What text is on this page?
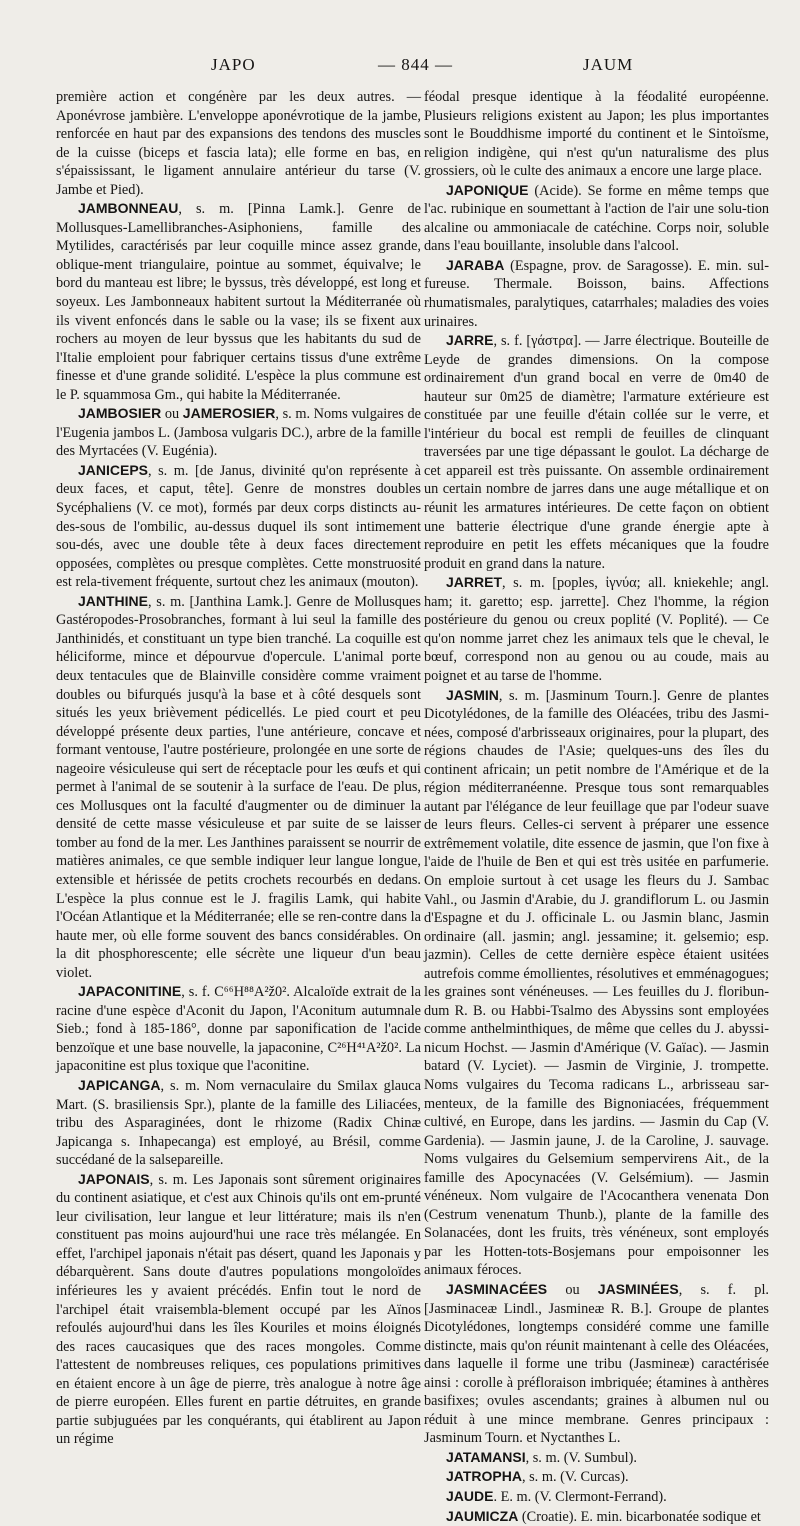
JAPO	— 844 —	JAUM

première action et congénère par les deux autres. — Aponévrose jambière. L'enveloppe aponévrotique de la jambe, renforcée en haut par des expansions des tendons des muscles de la cuisse (biceps et fascia lata); elle forme en bas, en s'épaississant, le ligament annulaire antérieur du tarse (V. Jambe et Pied).

JAMBONNEAU, s. m. [Pinna Lamk.]. Genre de Mollusques-Lamellibranches-Asiphoniens, famille des Mytilides, caractérisés par leur coquille mince assez grande, oblique-ment triangulaire, pointue au sommet, équivalve; le bord du manteau est libre; le byssus, très développé, est long et soyeux. Les Jambonneaux habitent surtout la Méditerranée où ils vivent enfoncés dans le sable ou la vase; ils se fixent aux rochers au moyen de leur byssus que les habitants du sud de l'Italie emploient pour fabriquer certains tissus d'une extrême finesse et d'une grande solidité. L'espèce la plus commune est le P. squammosa Gm., qui habite la Méditerranée.

JAMBOSIER ou JAMEROSIER, s. m. Noms vulgaires de l'Eugenia jambos L. (Jambosa vulgaris DC.), arbre de la famille des Myrtacées (V. Eugénia).

JANICEPS, s. m. [de Janus, divinité qu'on représente à deux faces, et caput, tête]. Genre de monstres doubles Sycéphaliens (V. ce mot), formés par deux corps distincts au-des-sous de l'ombilic, au-dessus duquel ils sont intimement sou-dés, avec une double tête à deux faces directement opposées, complètes ou presque complètes. Cette monstruosité est rela-tivement fréquente, surtout chez les animaux (mouton).

JANTHINE, s. m. [Janthina Lamk.]. Genre de Mollusques Gastéropodes-Prosobranches, formant à lui seul la famille des Janthinidés, et constituant un type bien tranché. La coquille est héliciforme, mince et dépourvue d'opercule. L'animal porte deux tentacules que de Blainville considère comme vraiment doubles ou bifurqués jusqu'à la base et à côté desquels sont situés les yeux brièvement pédicellés. Le pied court et peu développé présente deux parties, l'une antérieure, concave et formant ventouse, l'autre postérieure, prolongée en une sorte de nageoire vésiculeuse qui sert de réceptacle pour les œufs et qui permet à l'animal de se soutenir à la surface de l'eau. De plus, ces Mollusques ont la faculté d'augmenter ou de diminuer la densité de cette masse vésiculeuse et par suite de se laisser tomber au fond de la mer. Les Janthines paraissent se nourrir de matières animales, ce que semble indiquer leur langue longue, extensible et hérissée de petits crochets recourbés en dedans. L'espèce la plus connue est le J. fragilis Lamk, qui habite l'Océan Atlantique et la Méditerranée; elle se ren-contre dans la haute mer, où elle forme souvent des bancs considérables. On la dit phosphorescente; elle sécrète une liqueur d'un beau violet.

JAPACONITINE, s. f. C⁶⁶H⁸⁸A²ž0². Alcaloïde extrait de la racine d'une espèce d'Aconit du Japon, l'Aconitum autumnale Sieb.; fond à 185-186°, donne par saponification de l'acide benzoïque et une base nouvelle, la japaconine, C²⁶H⁴¹A²ž0². La japaconitine est plus toxique que l'aconitine.

JAPICANGA, s. m. Nom vernaculaire du Smilax glauca Mart. (S. brasiliensis Spr.), plante de la famille des Liliacées, tribu des Asparaginées, dont le rhizome (Radix Chinæ Japicanga s. Inhapecanga) est employé, au Brésil, comme succédané de la salsepareille.

JAPONAIS, s. m. Les Japonais sont sûrement originaires du continent asiatique, et c'est aux Chinois qu'ils ont em-prunté leur civilisation, leur langue et leur littérature; mais ils n'en constituent pas moins aujourd'hui une race très mélangée. En effet, l'archipel japonais n'était pas désert, quand les Japonais y débarquèrent. Sans doute d'autres populations mongoloïdes inférieures les y avaient précédés. Enfin tout le nord de l'archipel était vraisembla-blement occupé par les Aïnos refoulés aujourd'hui dans les îles Kouriles et moins éloignés des races caucasiques que des races mongoles. Comme l'attestent de nombreuses reliques, ces populations primitives en étaient encore à un âge de pierre, très analogue à notre âge de pierre européen. Elles furent en partie détruites, en grande partie subjuguées par les conquérants, qui établirent au Japon un régime

féodal presque identique à la féodalité européenne. Plusieurs religions existent au Japon; les plus importantes sont le Bouddhisme importé du continent et le Sintoïsme, religion indigène, qui n'est qu'un naturalisme des plus grossiers, où le culte des animaux a encore une large place.

JAPONIQUE (Acide). Se forme en même temps que l'ac. rubinique en soumettant à l'action de l'air une solu-tion alcaline ou ammoniacale de catéchine. Corps noir, soluble dans l'eau bouillante, insoluble dans l'alcool.

JARABA (Espagne, prov. de Saragosse). E. min. sul-fureuse. Thermale. Boisson, bains. Affections rhumatismales, paralytiques, catarrhales; maladies des voies urinaires.

JARRE, s. f. [γάστρα]. — Jarre électrique. Bouteille de Leyde de grandes dimensions. On la compose ordinairement d'un grand bocal en verre de 0m40 de hauteur sur 0m25 de diamètre; l'armature extérieure est constituée par une feuille d'étain collée sur le verre, et l'intérieur du bocal est rempli de feuilles de clinquant traversées par une tige dépassant le goulot. La décharge de cet appareil est très puissante. On assemble ordinairement un certain nombre de jarres dans une auge métallique et on réunit les armatures intérieures. De cette façon on obtient une batterie électrique d'une grande énergie apte à reproduire en petit les effets mécaniques que la foudre produit en grand dans la nature.

JARRET, s. m. [poples, ἰγνύα; all. kniekehle; angl. ham; it. garetto; esp. jarrette]. Chez l'homme, la région postérieure du genou ou creux poplité (V. Poplité). — Ce qu'on nomme jarret chez les animaux tels que le cheval, le bœuf, correspond non au genou ou au coude, mais au poignet et au tarse de l'homme.

JASMIN, s. m. [Jasminum Tourn.]. Genre de plantes Dicotylédones, de la famille des Oléacées, tribu des Jasmi-nées, composé d'arbrisseaux originaires, pour la plupart, des régions chaudes de l'Asie; quelques-uns des îles du continent africain; un petit nombre de l'Amérique et de la région méditerranéenne. Presque tous sont remarquables autant par l'élégance de leur feuillage que par l'odeur suave de leurs fleurs. Celles-ci servent à préparer une essence extrêmement volatile, dite essence de jasmin, que l'on fixe à l'aide de l'huile de Ben et qui est très usitée en parfumerie. On emploie surtout à cet usage les fleurs du J. Sambac Vahl., ou Jasmin d'Arabie, du J. grandiflorum L. ou Jasmin d'Espagne et du J. officinale L. ou Jasmin blanc, Jasmin ordinaire (all. jasmin; angl. jessamine; it. gelsemio; esp. jazmin). Celles de cette dernière espèce étaient usitées autrefois comme émollientes, résolutives et emménagogues; les graines sont vénéneuses. — Les feuilles du J. floribun-dum R. B. ou Habbi-Tsalmo des Abyssins sont employées comme anthelminthiques, de même que celles du J. abyssi-nicum Hochst. — Jasmin d'Amérique (V. Gaïac). — Jasmin batard (V. Lyciet). — Jasmin de Virginie, J. trompette. Noms vulgaires du Tecoma radicans L., arbrisseau sar-menteux, de la famille des Bignoniacées, fréquemment cultivé, en Europe, dans les jardins. — Jasmin du Cap (V. Gardenia). — Jasmin jaune, J. de la Caroline, J. sauvage. Noms vulgaires du Gelsemium sempervirens Ait., de la famille des Apocynacées (V. Gelsémium). — Jasmin vénéneux. Nom vulgaire de l'Acocanthera venenata Don (Cestrum venenatum Thunb.), plante de la famille des Solanacées, dont les fruits, très vénéneux, sont employés par les Hotten-tots-Bosjemans pour empoisonner les animaux féroces.

JASMINACÉES ou JASMINÉES, s. f. pl. [Jasminaceæ Lindl., Jasmineæ R. B.]. Groupe de plantes Dicotylédones, longtemps considéré comme une famille distincte, mais qu'on réunit maintenant à celle des Oléacées, dans laquelle il forme une tribu (Jasmineæ) caractérisée ainsi : corolle à préfloraison imbriquée; étamines à anthères basifixes; ovules ascendants; graines à albumen nul ou réduit à une mince membrane. Genres principaux : Jasminum Tourn. et Nyctanthes L.

JATAMANSI, s. m. (V. Sumbul).

JATROPHA, s. m. (V. Curcas).

JAUDE. E. m. (V. Clermont-Ferrand).

JAUMICZA (Croatie). E. min. bicarbonatée sodique et
